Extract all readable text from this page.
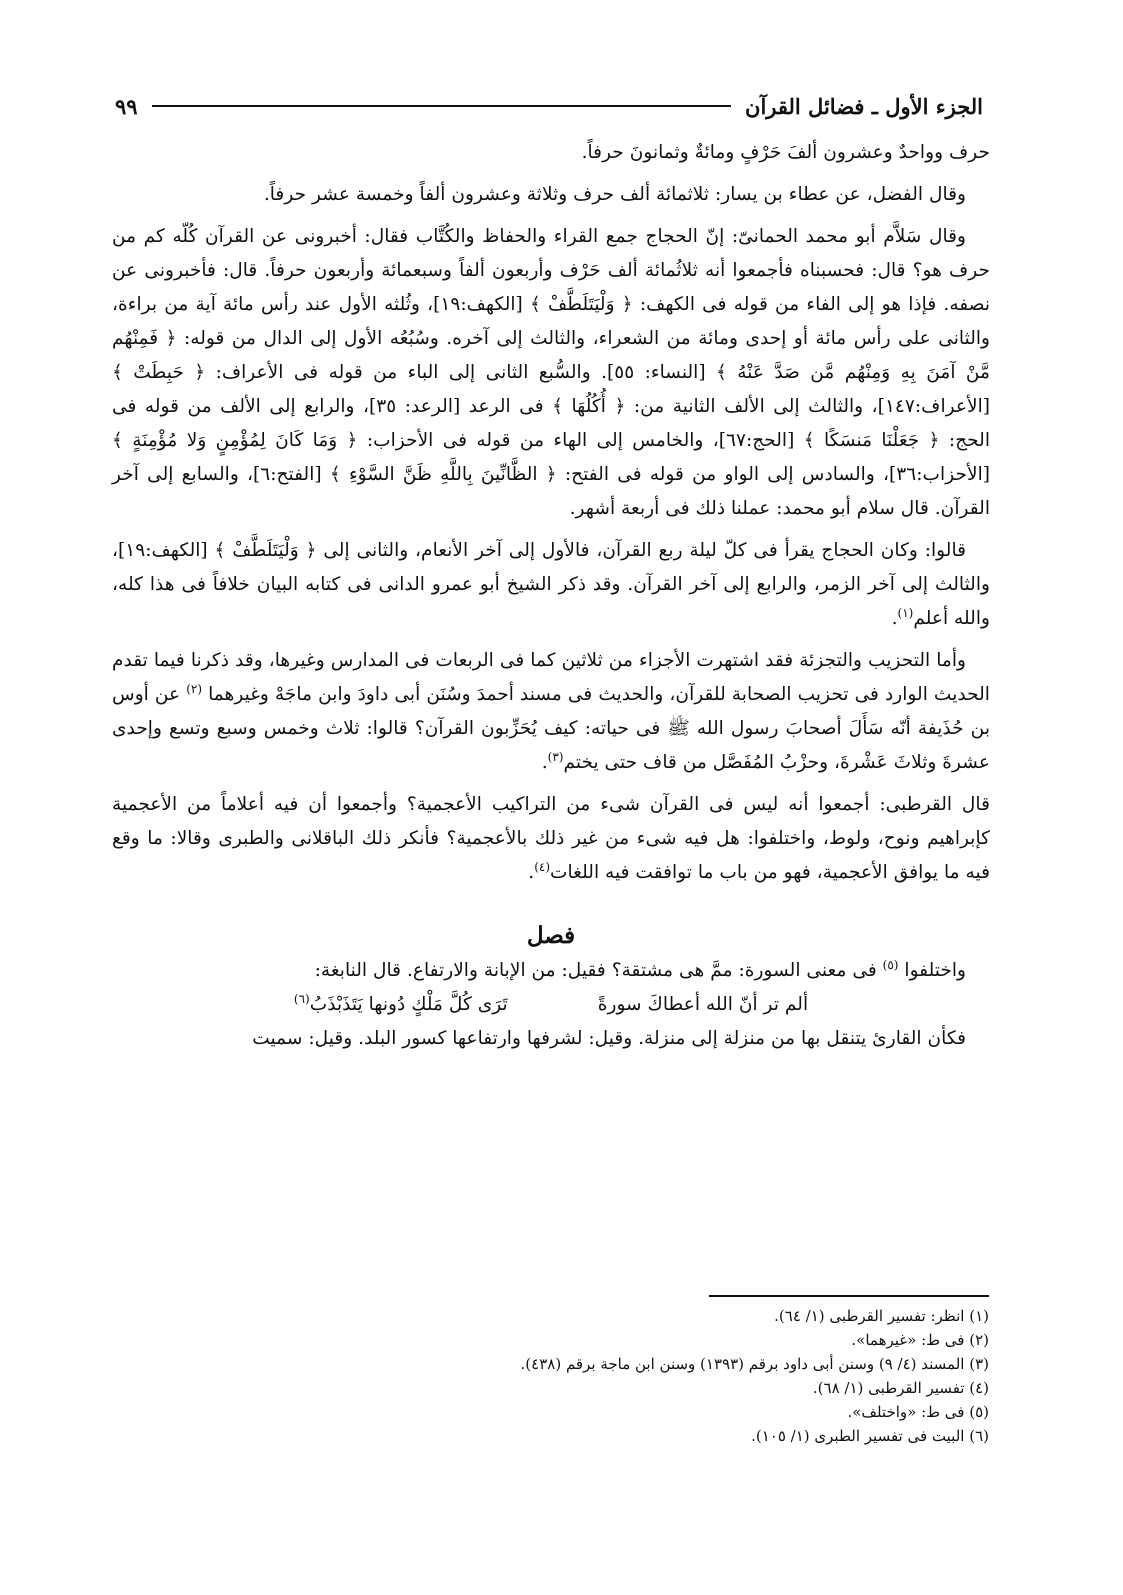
الجزء الأول ـ فضائل القرآن
٩٩

حرف وواحدٌ وعشرون ألفَ حَرْفٍ ومائةٌ وثمانونَ حرفاً.

وقال الفضل، عن عطاء بن يسار: ثلاثمائة ألف حرف وثلاثة وعشرون ألفاً وخمسة عشر حرفاً.

وقال سَلاَّم أبو محمد الحمانىّ: إنّ الحجاج جمع القراء والحفاظ والكُتَّاب فقال: أخبرونى عن القرآن كُلّه كم من حرف هو؟ قال: فحسبناه فأجمعوا أنه ثلاثُمائة ألف حَرْف وأربعون ألفاً وسبعمائة وأربعون حرفاً. قال: فأخبرونى عن نصفه. فإذا هو إلى الفاء من قوله فى الكهف: ﴿ وَلْيَتَلَطَّفْ ﴾ [الكهف:١٩]، وثُلثه الأول عند رأس مائة آية من براءة، والثانى على رأس مائة أو إحدى ومائة من الشعراء، والثالث إلى آخره. وسُبُعُه الأول إلى الدال من قوله: ﴿ فَمِنْهُم مَّنْ آمَنَ بِهِ وَمِنْهُم مَّن صَدَّ عَنْهُ ﴾ [النساء: ٥٥]. والسُّبع الثانى إلى الباء من قوله فى الأعراف: ﴿ حَبِطَتْ ﴾ [الأعراف:١٤٧]، والثالث إلى الألف الثانية من: ﴿ أُكُلُهَا ﴾ فى الرعد [الرعد: ٣٥]، والرابع إلى الألف من قوله فى الحج: ﴿ جَعَلْنَا مَنسَكًا ﴾ [الحج:٦٧]، والخامس إلى الهاء من قوله فى الأحزاب: ﴿ وَمَا كَانَ لِمُؤْمِنٍ وَلا مُؤْمِنَةٍ ﴾ [الأحزاب:٣٦]، والسادس إلى الواو من قوله فى الفتح: ﴿ الظَّانِّينَ بِاللَّهِ ظَنَّ السَّوْءِ ﴾ [الفتح:٦]، والسابع إلى آخر القرآن. قال سلام أبو محمد: عملنا ذلك فى أربعة أشهر.

قالوا: وكان الحجاج يقرأ فى كلّ ليلة ربع القرآن، فالأول إلى آخر الأنعام، والثانى إلى ﴿ وَلْيَتَلَطَّفْ ﴾ [الكهف:١٩]، والثالث إلى آخر الزمر، والرابع إلى آخر القرآن. وقد ذكر الشيخ أبو عمرو الدانى فى كتابه البيان خلافاً فى هذا كله، والله أعلم$^{(١)}$.

وأما التحزيب والتجزئة فقد اشتهرت الأجزاء من ثلاثين كما فى الربعات فى المدارس وغيرها، وقد ذكرنا فيما تقدم الحديث الوارد فى تحزيب الصحابة للقرآن، والحديث فى مسند أحمدَ وسُنَن أبى داودَ وابن ماجَهْ وغيرهما $^{(٢)}$ عن أوس بن حُذَيفة أنّه سَأَلَ أصحابَ رسول الله ﷺ فى حياته: كيف يُحَزِّبون القرآن؟ قالوا: ثلاث وخمس وسبع وتسع وإحدى عشرةَ وثلاثَ عَشْرةَ، وحزْبُ المُفَصَّل من قاف حتى يختم$^{(٣)}$.

قال القرطبى: أجمعوا أنه ليس فى القرآن شىء من التراكيب الأعجمية؟ وأجمعوا أن فيه أعلاماً من الأعجمية كإبراهيم ونوح، ولوط، واختلفوا: هل فيه شىء من غير ذلك بالأعجمية؟ فأنكر ذلك الباقلانى والطبرى وقالا: ما وقع فيه ما يوافق الأعجمية، فهو من باب ما توافقت فيه اللغات$^{(٤)}$.

فصل

واختلفوا $^{(٥)}$ فى معنى السورة: ممَّ هى مشتقة؟ فقيل: من الإبانة والارتفاع. قال النابغة:

ألم تر أنّ الله أعطاكَ سورةً
تَرَى كُلَّ مَلْكٍ دُونها يَتَذَبْذَبُ$^{(٦)}$

فكأن القارئ يتنقل بها من منزلة إلى منزلة. وقيل: لشرفها وارتفاعها كسور البلد. وقيل: سميت

(١) انظر: تفسير القرطبى (١/ ٦٤).
(٢) فى ط: «غيرهما».
(٣) المسند (٤/ ٩) وسنن أبى داود برقم (١٣٩٣) وسنن ابن ماجة برقم (٤٣٨).
(٤) تفسير القرطبى (١/ ٦٨).
(٥) فى ط: «واختلف».
(٦) البيت فى تفسير الطبرى (١/ ١٠٥).
